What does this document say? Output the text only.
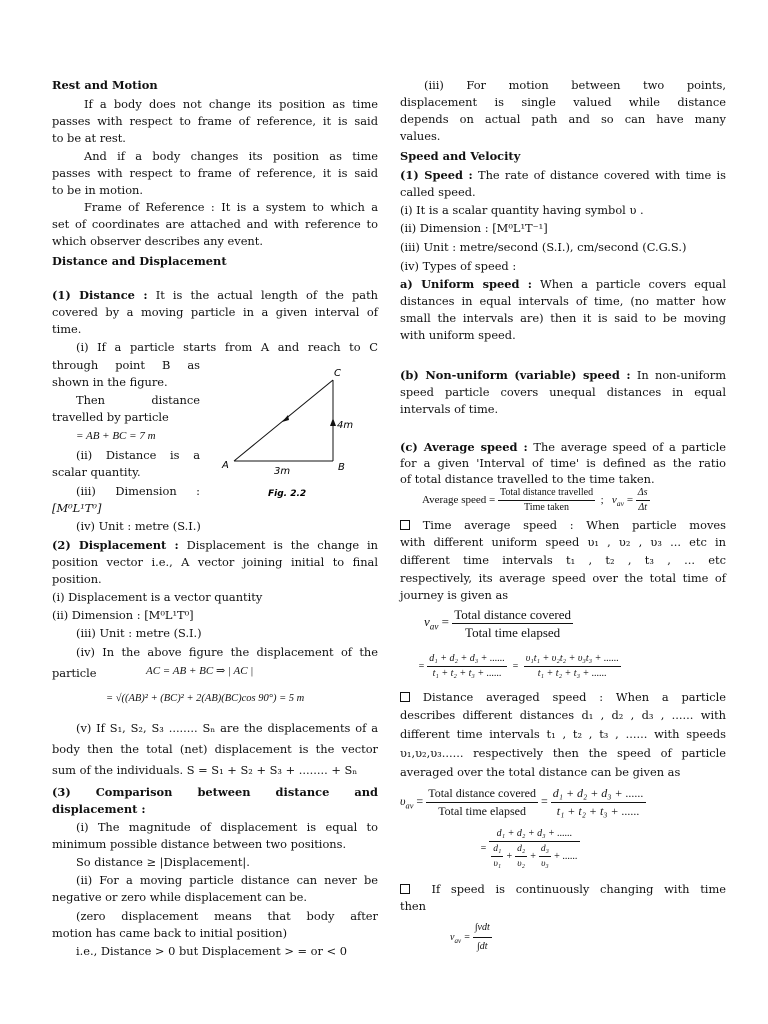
Rest and Motion
If a body does not change its position as time
passes with respect to frame of reference, it is said
to be at rest.
And if a body changes its position as time
passes with respect to frame of reference, it is said
to be in motion.
Frame of Reference : It is a system to which a
set of coordinates are attached and with reference to
which observer describes any event.
Distance and Displacement
(1) Distance : It is the actual length of the path
covered by a moving particle in a given interval of
time.
(i) If a particle starts from A and reach to C
through point B as
shown in the figure.
Then distance
travelled by particle
= AB + BC = 7 m
(ii) Distance is a
scalar quantity.
(iii) Dimension :
[M⁰L¹T⁰]
(iv) Unit : metre (S.I.)
A	B
C
3m
4m
Fig. 2.2
(2) Displacement : Displacement is the change in
position vector i.e., A vector joining initial to final
position.
(i) Displacement is a vector quantity
(ii) Dimension : [M⁰L¹T⁰]
(iii) Unit : metre (S.I.)
(iv) In the above figure the displacement of the
particle	AC = AB + BC ⇒ | AC |
= √((AB)² + (BC)² + 2(AB)(BC)cos 90°) = 5 m
(v) If S₁, S₂, S₃ ........ Sₙ are the displacements of a
body then the total (net) displacement is the vector
sum of the individuals. S = S₁ + S₂ + S₃ + ........ + Sₙ
(3) Comparison between distance and
displacement :
(i) The magnitude of displacement is equal to
minimum possible distance between two positions.
So distance ≥ |Displacement|.
(ii) For a moving particle distance can never be
negative or zero while displacement can be.
(zero displacement means that body after
motion has came back to initial position)
i.e., Distance > 0 but Displacement > = or < 0
(iii) For motion between two points,
displacement is single valued while distance
depends on actual path and so can have many
values.
Speed and Velocity
(1) Speed : The rate of distance covered with time is
called speed.
(i) It is a scalar quantity having symbol υ .
(ii) Dimension : [M⁰L¹T⁻¹]
(iii) Unit : metre/second (S.I.), cm/second (C.G.S.)
(iv) Types of speed :
a) Uniform speed : When a particle covers equal
distances in equal intervals of time, (no matter how
small the intervals are) then it is said to be moving
with uniform speed.
(b) Non-uniform (variable) speed : In non-uniform
speed particle covers unequal distances in equal
intervals of time.
(c) Average speed : The average speed of a particle
for a given 'Interval of time' is defined as the ratio
of total distance travelled to the time taken.
Average speed = $\frac{\text{Total distance travelled}}{\text{Time taken}}$ ; $v_{av} = \frac{\Delta s}{\Delta t}$
Time average speed : When particle moves
with different uniform speed υ₁ , υ₂ , υ₃ ... etc in
different time intervals t₁ , t₂ , t₃ , ... etc
respectively, its average speed over the total time of
journey is given as
$v_{av} = \frac{\text{Total distance covered}}{\text{Total time elapsed}}$
= $\frac{\text{d₁ + d₂ + d₃ + ......}}{\text{t₁ + t₂ + t₃ + ......}} = \frac{\text{υ₁t₁ + υ₂t₂ + υ₃t₃ + ......}}{\text{t₁ + t₂ + t₃ + ......}}$
Distance averaged speed : When a particle
describes different distances d₁ , d₂ , d₃ , ...... with
different time intervals t₁ , t₂ , t₃ , ...... with speeds
υ₁,υ₂,υ₃...... respectively then the speed of particle
averaged over the total distance can be given as
$\upsilon_{av} = \frac{\text{Total distance covered}}{\text{Total time elapsed}} = \frac{\text{d₁ + d₂ + d₃ + ......}}{\text{t₁ + t₂ + t₃ + ......}}$
= $\frac{\text{d₁ + d₂ + d₃ + ......}}{\frac{\text{d₁}}{\text{υ₁}} + \frac{\text{d₂}}{\text{υ₂}} + \frac{\text{d₃}}{\text{υ₃}} + ......}$
If speed is continuously changing with time
then
$v_{av} = \frac{\text{∫vdt}}{\int dt}$
